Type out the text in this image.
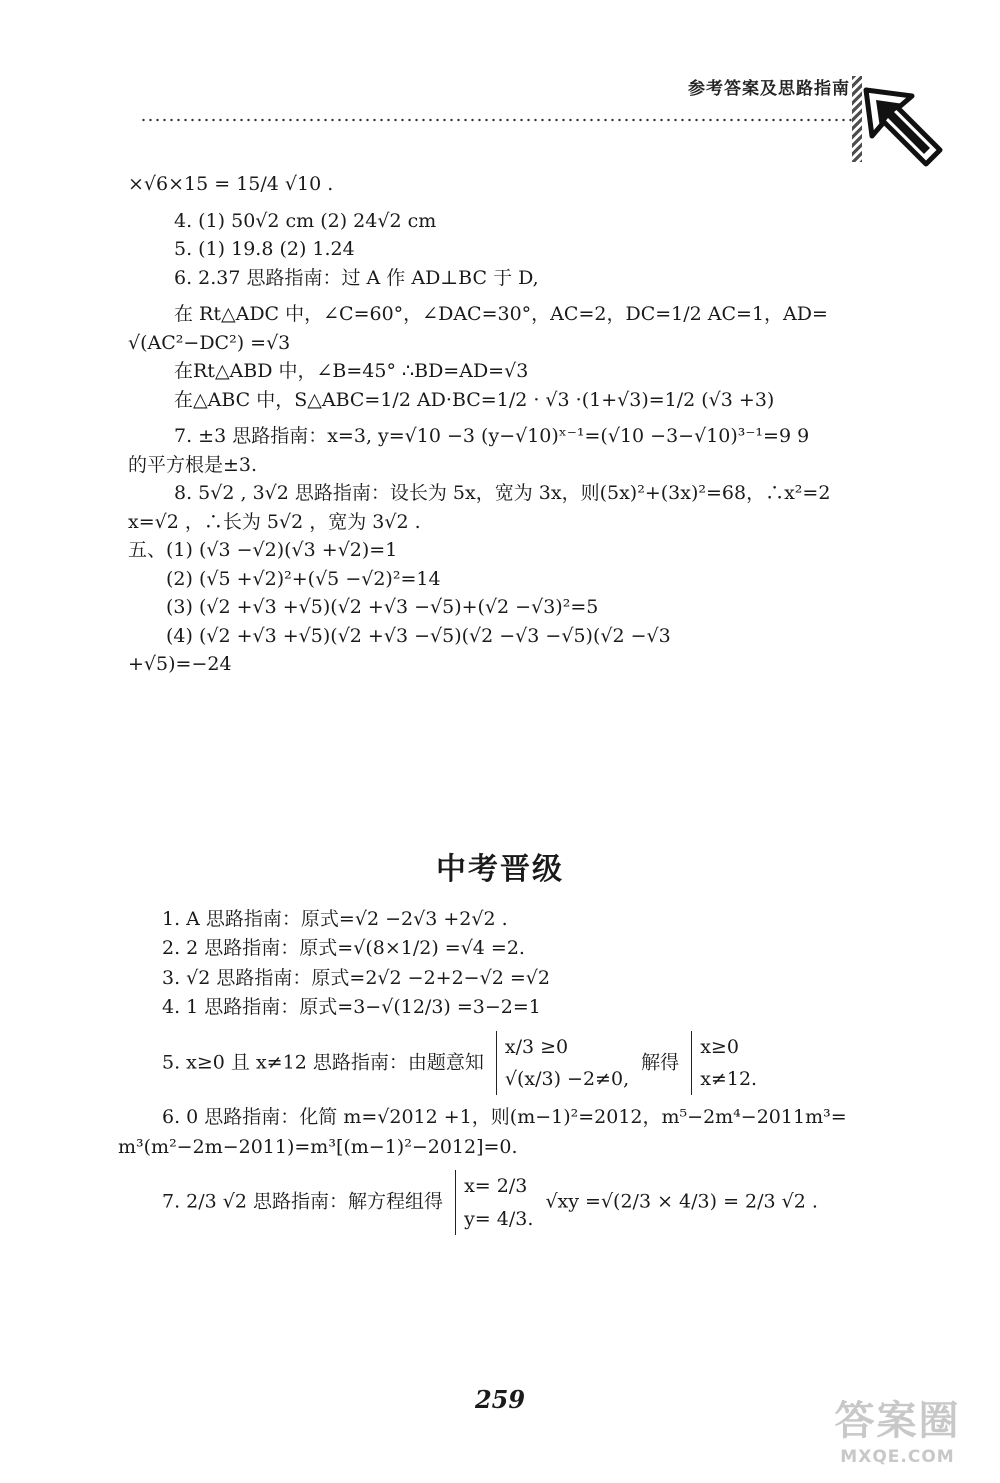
参考答案及思路指南

×√6×15 = 15/4 √10 .

4. (1) 50√2 cm (2) 24√2 cm

5. (1) 19.8 (2) 1.24

6. 2.37 思路指南：过 A 作 AD⊥BC 于 D,

在 Rt△ADC 中，∠C=60°，∠DAC=30°，AC=2，DC=1/2 AC=1，AD=

√(AC²−DC²) =√3

在Rt△ABD 中，∠B=45° ∴BD=AD=√3

在△ABC 中，S△ABC=1/2 AD·BC=1/2 · √3 ·(1+√3)=1/2 (√3 +3)

7. ±3 思路指南：x=3, y=√10 −3 (y−√10)ˣ⁻¹=(√10 −3−√10)³⁻¹=9 9

的平方根是±3.

8. 5√2 , 3√2 思路指南：设长为 5x，宽为 3x，则(5x)²+(3x)²=68，∴x²=2

x=√2 ，∴长为 5√2 ，宽为 3√2 .

五、(1) (√3 −√2)(√3 +√2)=1

(2) (√5 +√2)²+(√5 −√2)²=14

(3) (√2 +√3 +√5)(√2 +√3 −√5)+(√2 −√3)²=5

(4) (√2 +√3 +√5)(√2 +√3 −√5)(√2 −√3 −√5)(√2 −√3

+√5)=−24

中考晋级

1. A 思路指南：原式=√2 −2√3 +2√2 .

2. 2 思路指南：原式=√(8×1/2) =√4 =2.

3. √2 思路指南：原式=2√2 −2+2−√2 =√2

4. 1 思路指南：原式=3−√(12/3) =3−2=1

5. x≥0 且 x≠12 思路指南：由题意知 x/3 ≥0
√(x/3) −2≠0, 解得 x≥0
x≠12.

6. 0 思路指南：化简 m=√2012 +1，则(m−1)²=2012，m⁵−2m⁴−2011m³=

m³(m²−2m−2011)=m³[(m−1)²−2012]=0.

7. 2/3 √2 思路指南：解方程组得 x= 2/3
y= 4/3. √xy =√(2/3 × 4/3) = 2/3 √2 .

259	答案圈
MXQE.COM
